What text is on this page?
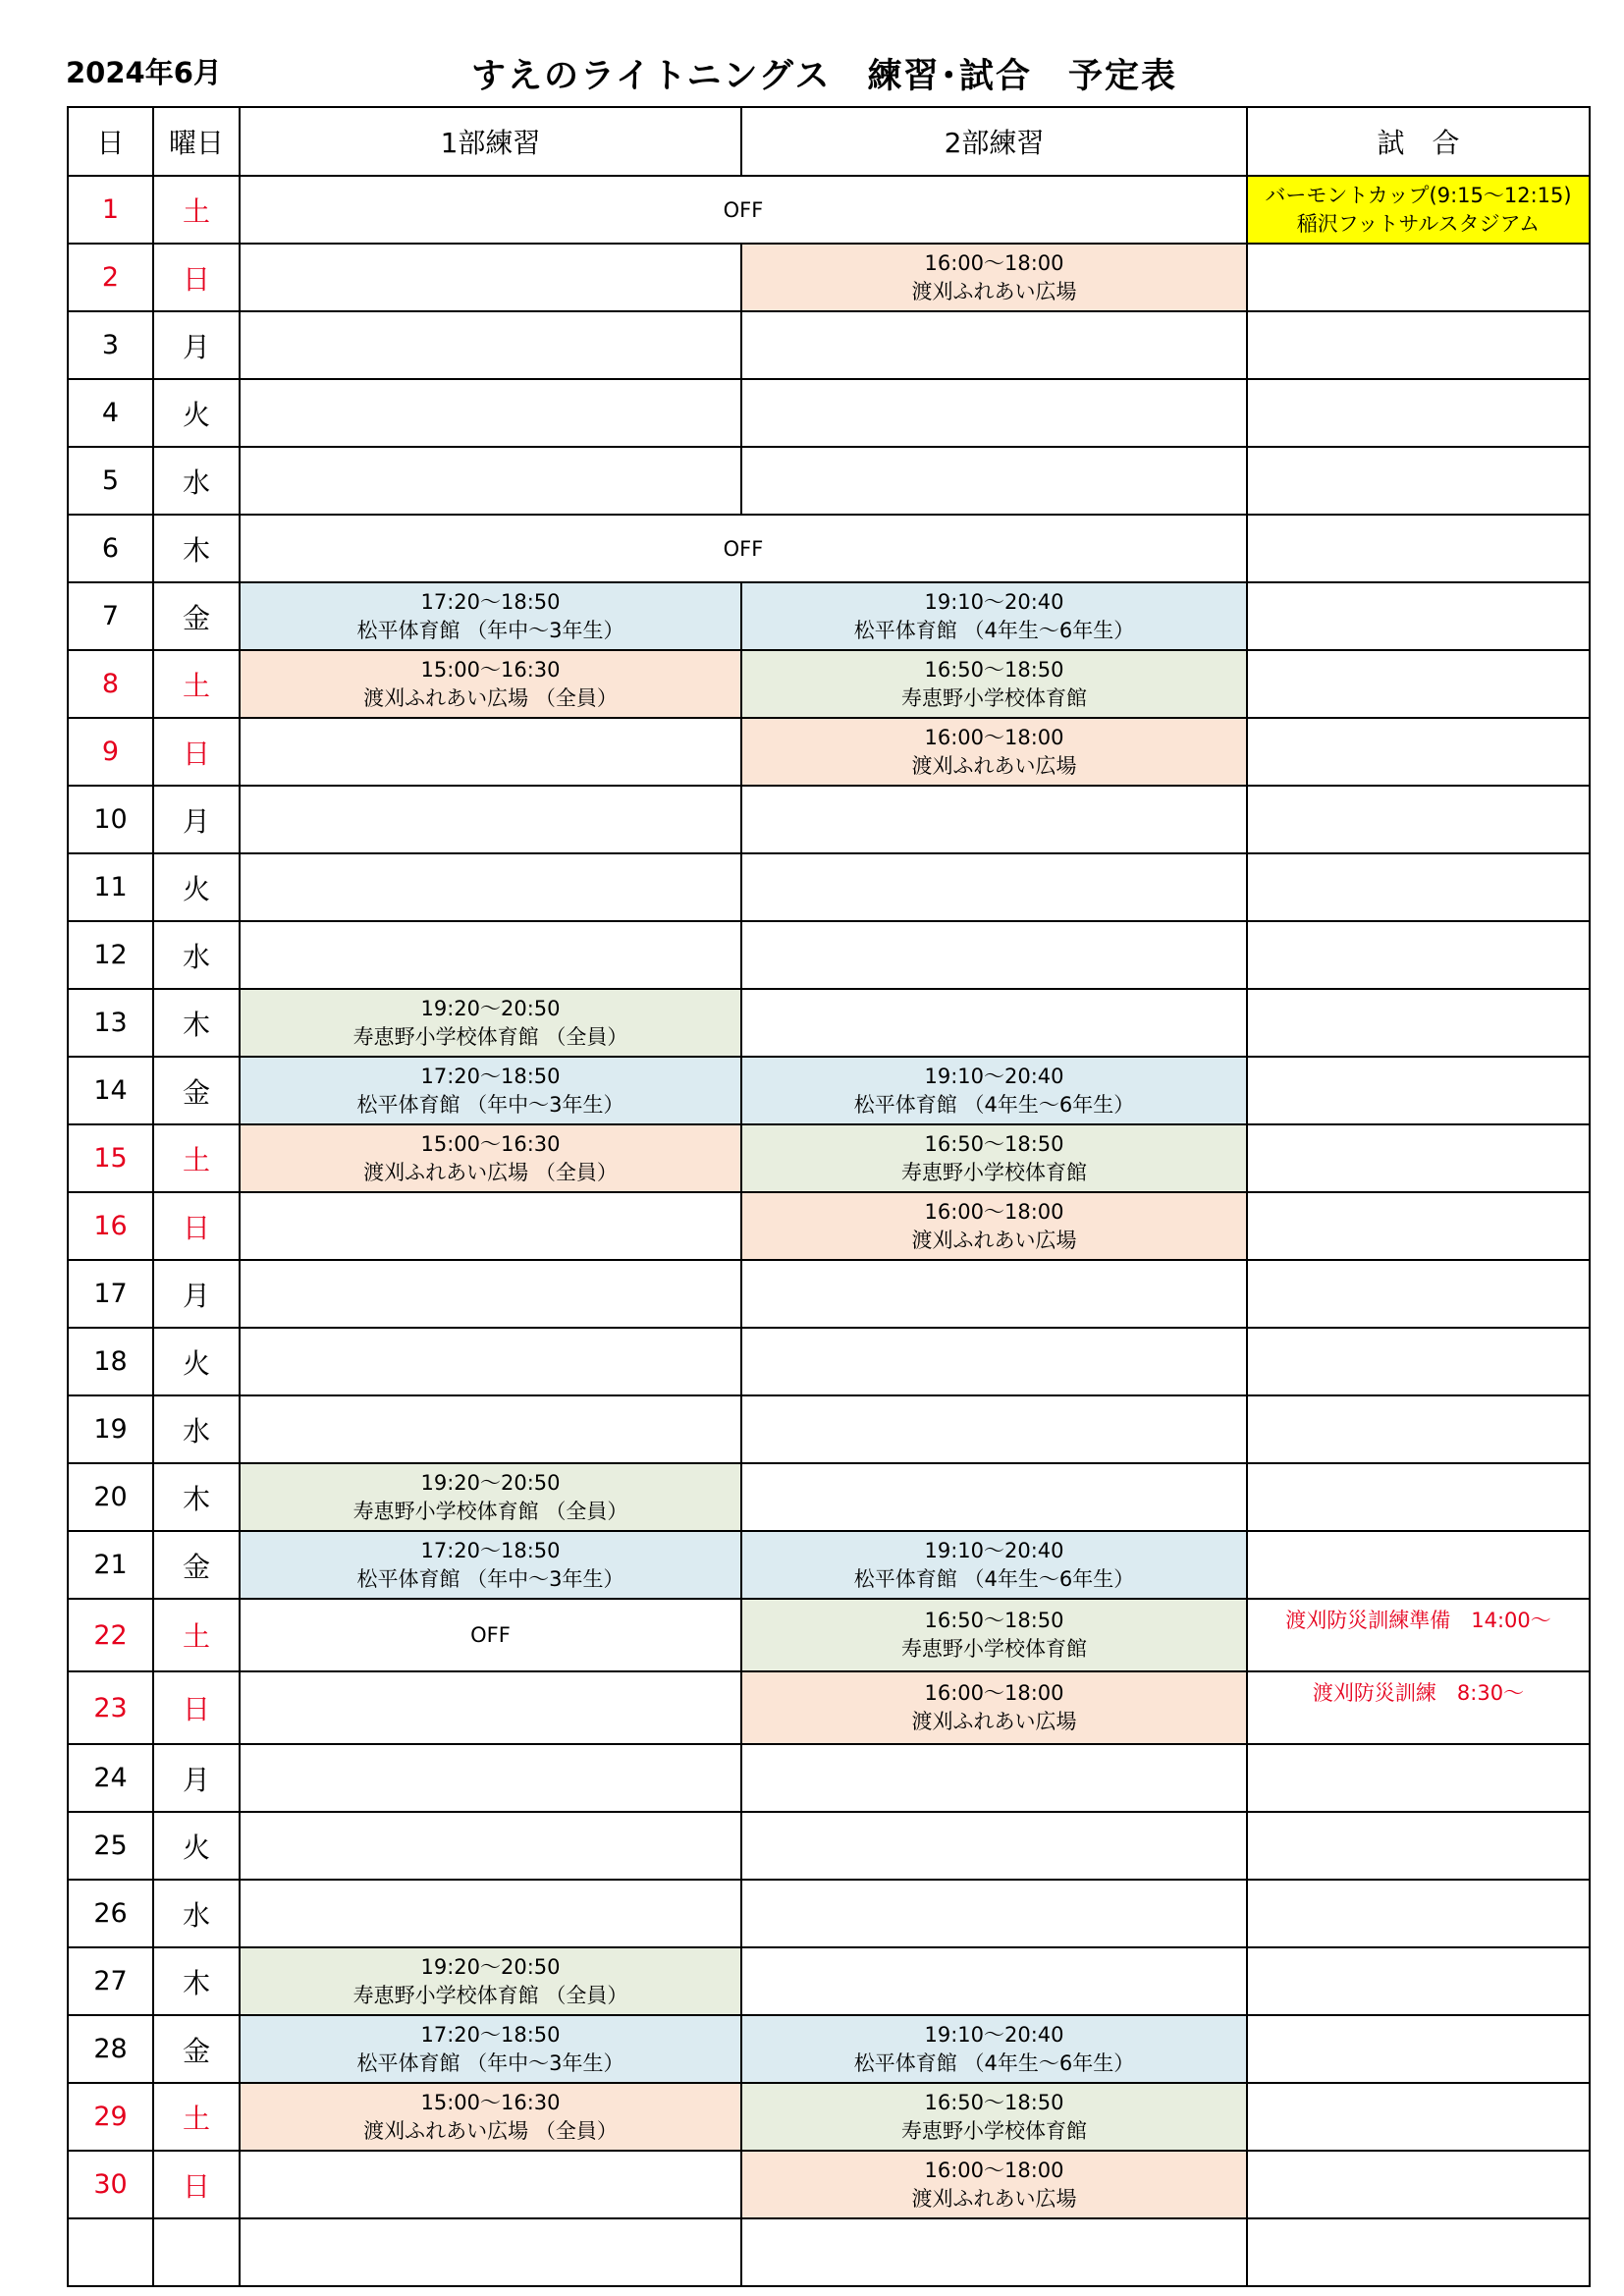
2024年6月	すえのライトニングス　練習･試合　予定表
日	曜日	1部練習	2部練習	試　合
1	土	OFF		バーモントカップ(9:15～12:15)
稲沢フットサルスタジアム

2	日		16:00～18:00
渡刈ふれあい広場	

3	月			
4	火			
5	水			
6	木	OFF		
7	金	17:20～18:50
松平体育館 （年中～3年生）	19:10～20:40
松平体育館 （4年生～6年生）	

8	土	15:00～16:30
渡刈ふれあい広場 （全員）	16:50～18:50
寿恵野小学校体育館	

9	日		16:00～18:00
渡刈ふれあい広場	

10	月			
11	火			
12	水			
13	木	19:20～20:50
寿恵野小学校体育館 （全員）		

14	金	17:20～18:50
松平体育館 （年中～3年生）	19:10～20:40
松平体育館 （4年生～6年生）	

15	土	15:00～16:30
渡刈ふれあい広場 （全員）	16:50～18:50
寿恵野小学校体育館	

16	日		16:00～18:00
渡刈ふれあい広場	

17	月			
18	火			
19	水			
20	木	19:20～20:50
寿恵野小学校体育館 （全員）		

21	金	17:20～18:50
松平体育館 （年中～3年生）	19:10～20:40
松平体育館 （4年生～6年生）	

22	土	OFF	16:50～18:50
寿恵野小学校体育館	渡刈防災訓練準備　14:00～
23	日		16:00～18:00
渡刈ふれあい広場	渡刈防災訓練　8:30～
24	月			
25	火			
26	水			
27	木	19:20～20:50
寿恵野小学校体育館 （全員）		

28	金	17:20～18:50
松平体育館 （年中～3年生）	19:10～20:40
松平体育館 （4年生～6年生）	

29	土	15:00～16:30
渡刈ふれあい広場 （全員）	16:50～18:50
寿恵野小学校体育館	

30	日		16:00～18:00
渡刈ふれあい広場	
